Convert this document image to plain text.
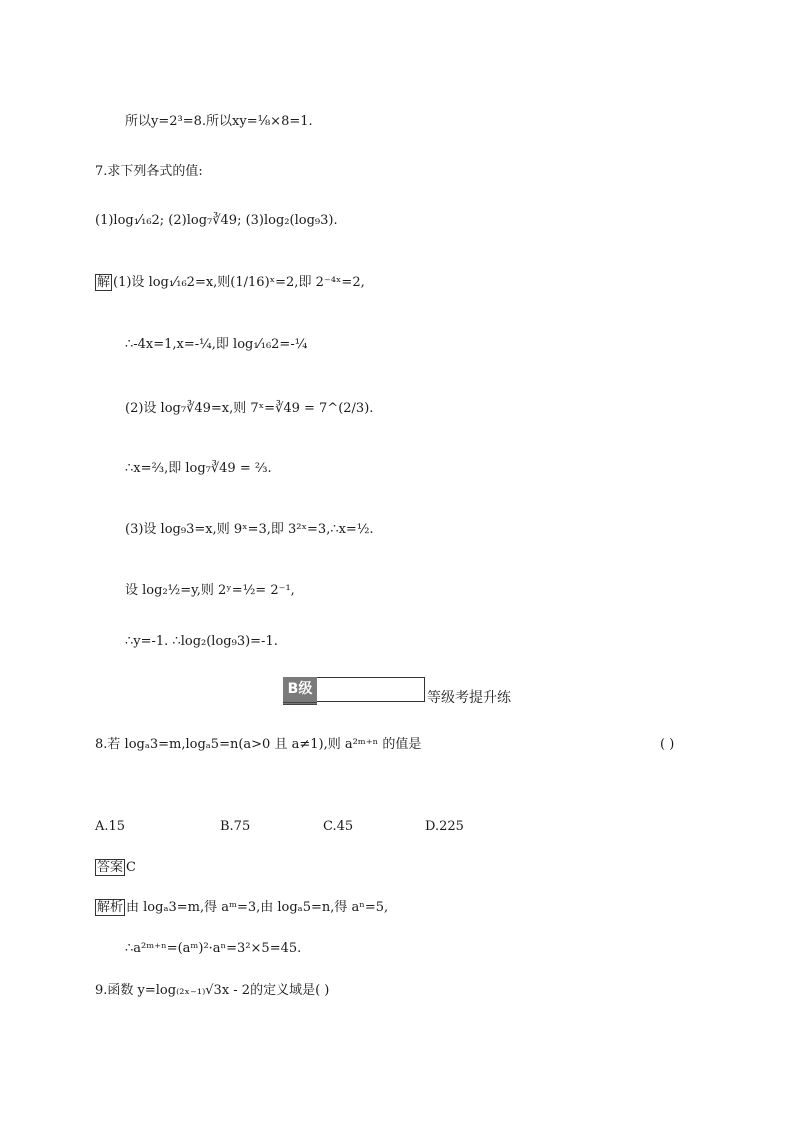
所以y=2³=8.所以xy=⅛×8=1.
7.求下列各式的值:
(1)log₁⁄₁₆2; (2)log₇∛49; (3)log₂(log₉3).
解 (1)设 log₁⁄₁₆2=x,则(1/16)ˣ=2,即 2⁻⁴ˣ=2,
∴-4x=1,x=-¼,即 log₁⁄₁₆2=-¼
(2)设 log₇∛49=x,则 7ˣ=∛49 = 7^(2/3).
∴x=⅔,即 log₇∛49 = ⅔.
(3)设 log₉3=x,则 9ˣ=3,即 3²ˣ=3,∴x=½.
设 log₂½=y,则 2ʸ=½= 2⁻¹,
∴y=-1. ∴log₂(log₉3)=-1.
B级
等级考提升练
8.若 logₐ3=m,logₐ5=n(a>0 且 a≠1),则 a²ᵐ⁺ⁿ 的值是	( )
A.15	B.75	C.45	D.225
答案 C
解析 由 logₐ3=m,得 aᵐ=3,由 logₐ5=n,得 aⁿ=5,
∴a²ᵐ⁺ⁿ=(aᵐ)²·aⁿ=3²×5=45.
9.函数 y=log₍₂ₓ₋₁₎√3x - 2的定义域是( )
